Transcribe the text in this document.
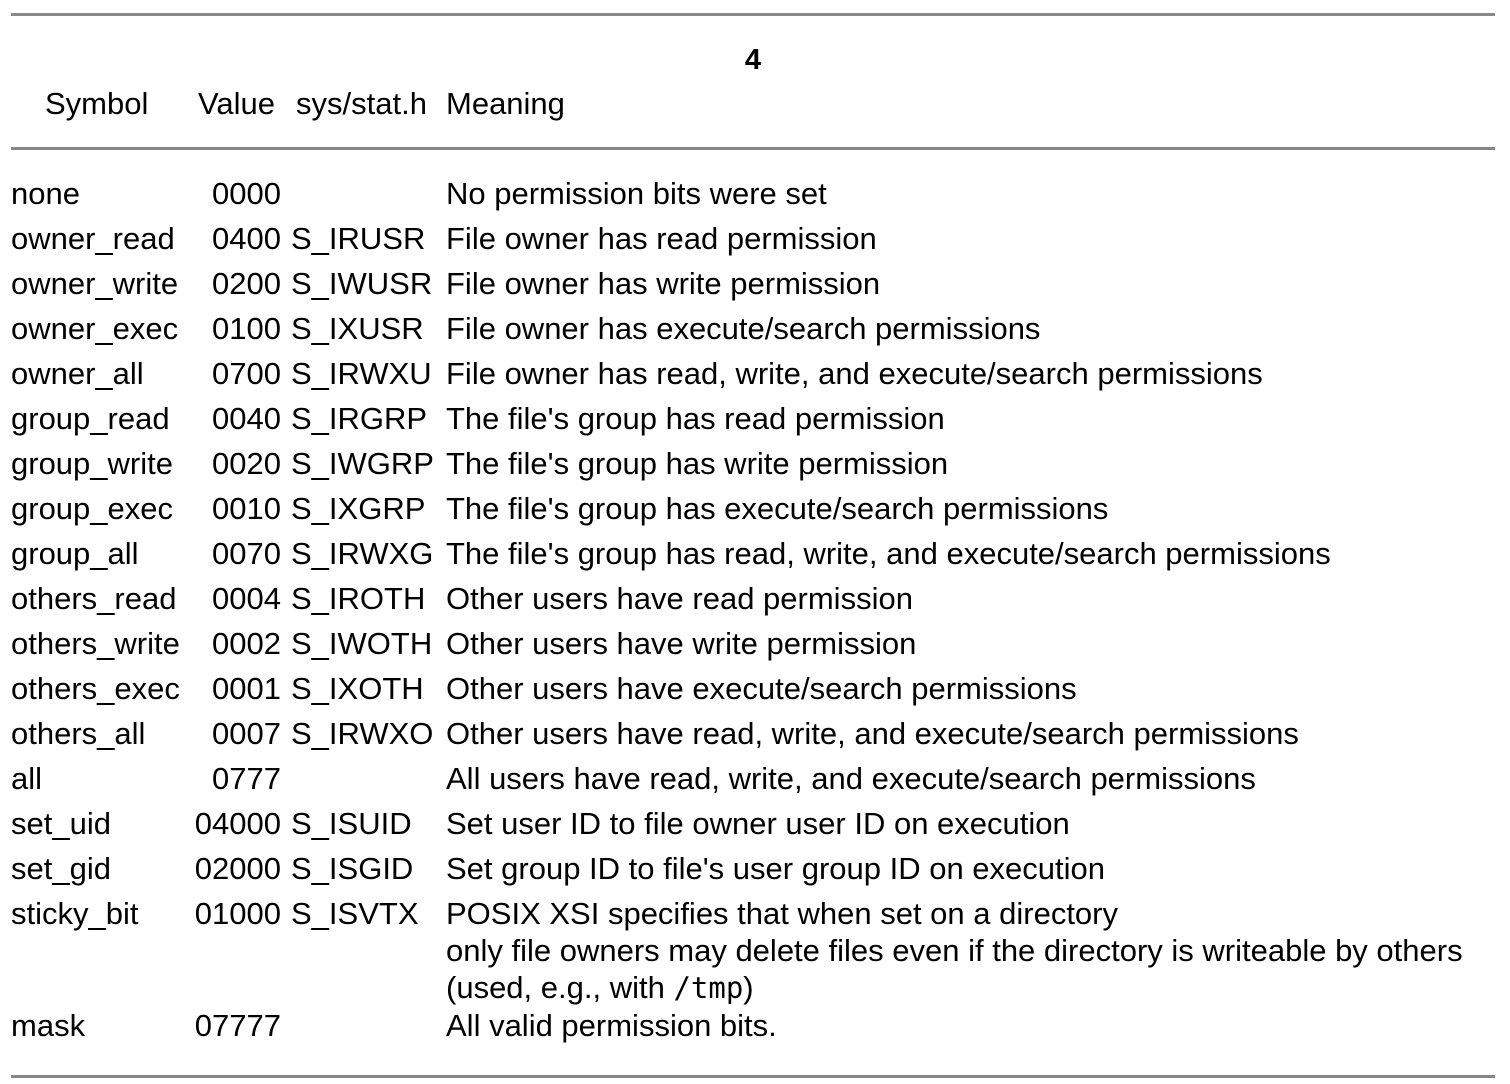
4
Symbol Value sys/stat.h Meaning
none	0000	No permission bits were set
owner_read 0400 S_IRUSR File owner has read permission
owner_write 0200 S_IWUSR File owner has write permission
owner_exec 0100 S_IXUSR File owner has execute/search permissions
owner_all 0700 S_IRWXU File owner has read, write, and execute/search permissions
group_read 0040 S_IRGRP The file's group has read permission
group_write 0020 S_IWGRP The file's group has write permission
group_exec 0010 S_IXGRP The file's group has execute/search permissions
group_all 0070 S_IRWXG The file's group has read, write, and execute/search permissions
others_read 0004 S_IROTH Other users have read permission
others_write 0002 S_IWOTH Other users have write permission
others_exec 0001 S_IXOTH Other users have execute/search permissions
others_all 0007 S_IRWXO Other users have read, write, and execute/search permissions
all	0777	All users have read, write, and execute/search permissions
set_uid	04000 S_ISUID Set user ID to file owner user ID on execution
set_gid	02000 S_ISGID Set group ID to file's user group ID on execution
sticky_bit 01000 S_ISVTX POSIX XSI specifies that when set on a directory
only file owners may delete files even if the directory is writeable by others
(used, e.g., with /tmp)
mask	07777	All valid permission bits.
